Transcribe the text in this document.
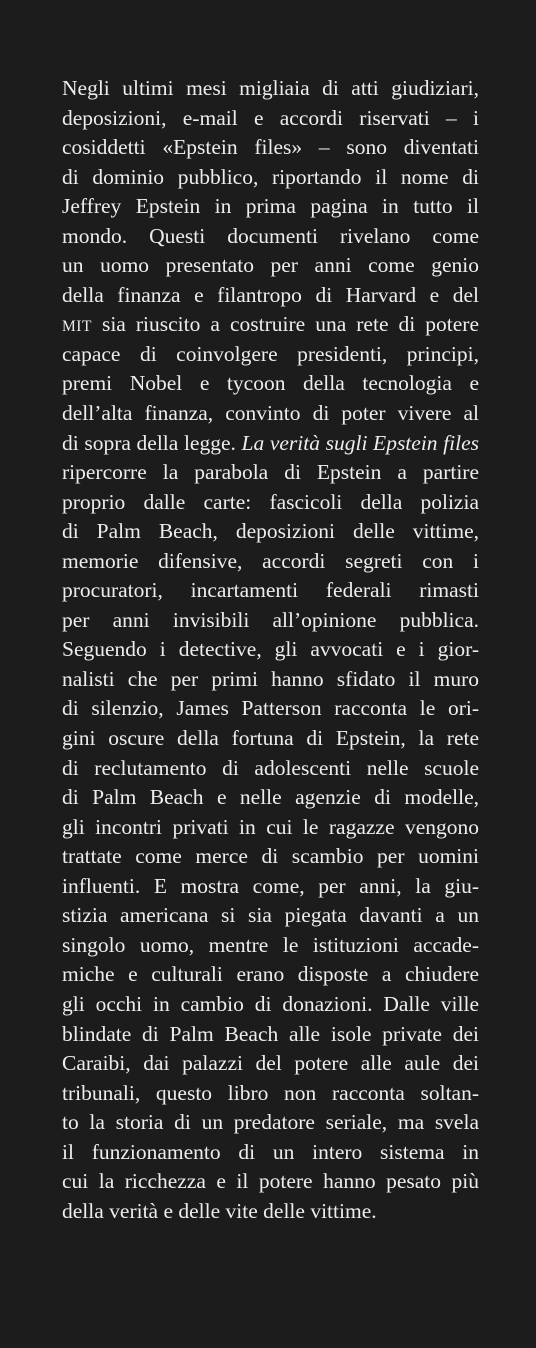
Negli ultimi mesi migliaia di atti giudiziari,
deposizioni, e-mail e accordi riservati – i
cosiddetti «Epstein files» – sono diventati
di dominio pubblico, riportando il nome di
Jeffrey Epstein in prima pagina in tutto il
mondo. Questi documenti rivelano come
un uomo presentato per anni come genio
della finanza e filantropo di Harvard e del
MIT sia riuscito a costruire una rete di potere
capace di coinvolgere presidenti, principi,
premi Nobel e tycoon della tecnologia e
dell’alta finanza, convinto di poter vivere al
di sopra della legge. La verità sugli Epstein files
ripercorre la parabola di Epstein a partire
proprio dalle carte: fascicoli della polizia
di Palm Beach, deposizioni delle vittime,
memorie difensive, accordi segreti con i
procuratori, incartamenti federali rimasti
per anni invisibili all’opinione pubblica.
Seguendo i detective, gli avvocati e i gior-
nalisti che per primi hanno sfidato il muro
di silenzio, James Patterson racconta le ori-
gini oscure della fortuna di Epstein, la rete
di reclutamento di adolescenti nelle scuole
di Palm Beach e nelle agenzie di modelle,
gli incontri privati in cui le ragazze vengono
trattate come merce di scambio per uomini
influenti. E mostra come, per anni, la giu-
stizia americana si sia piegata davanti a un
singolo uomo, mentre le istituzioni accade-
miche e culturali erano disposte a chiudere
gli occhi in cambio di donazioni. Dalle ville
blindate di Palm Beach alle isole private dei
Caraibi, dai palazzi del potere alle aule dei
tribunali, questo libro non racconta soltan-
to la storia di un predatore seriale, ma svela
il funzionamento di un intero sistema in
cui la ricchezza e il potere hanno pesato più
della verità e delle vite delle vittime.
